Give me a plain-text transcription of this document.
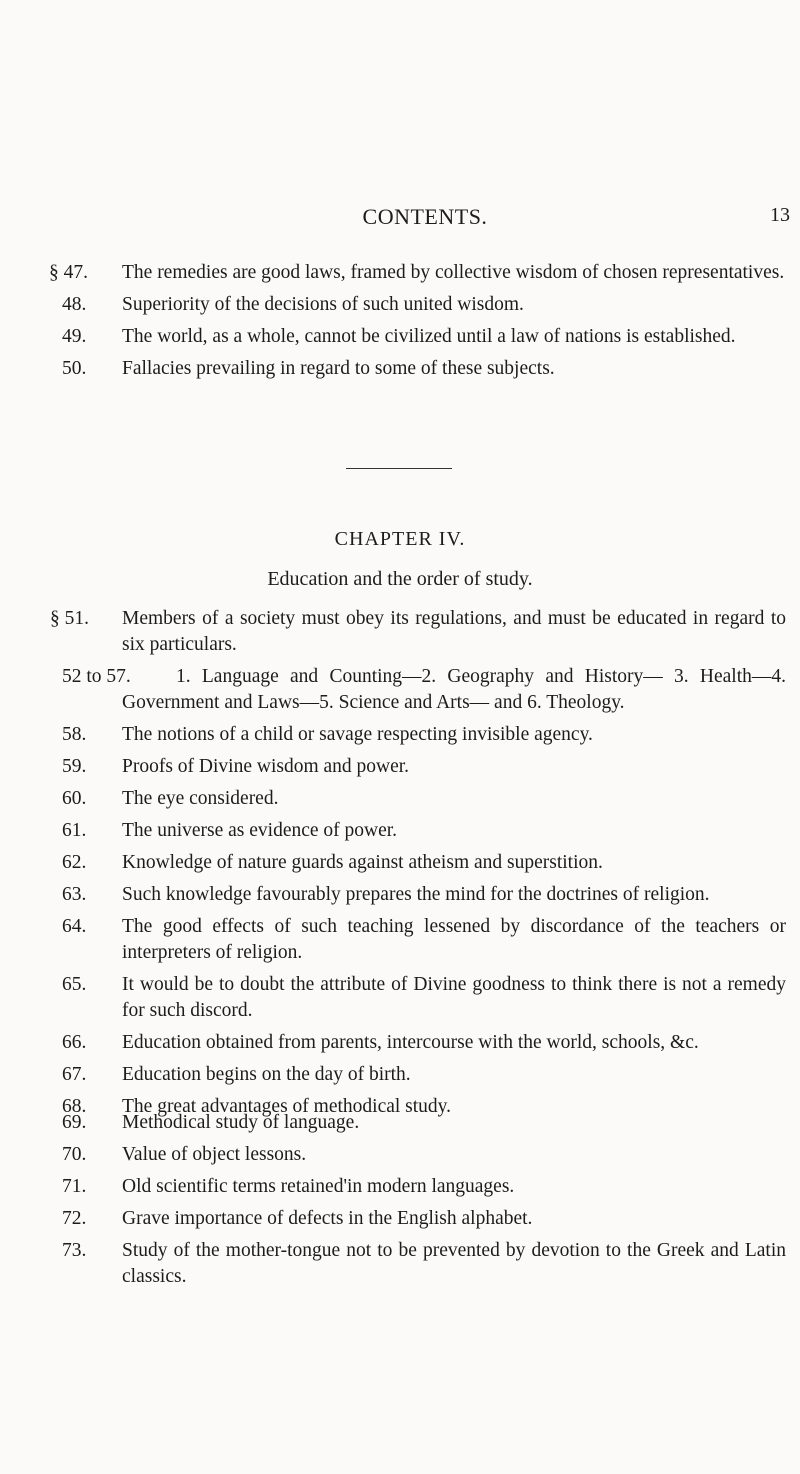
CONTENTS.	13
§ 47. The remedies are good laws, framed by collective wisdom of chosen representatives.
48. Superiority of the decisions of such united wisdom.
49. The world, as a whole, cannot be civilized until a law of nations is established.
50. Fallacies prevailing in regard to some of these subjects.
CHAPTER IV.
Education and the order of study.
§ 51. Members of a society must obey its regulations, and must be educated in regard to six particulars.
52 to 57. 1. Language and Counting—2. Geography and History— 3. Health—4. Government and Laws—5. Science and Arts— and 6. Theology.
58. The notions of a child or savage respecting invisible agency.
59. Proofs of Divine wisdom and power.
60. The eye considered.
61. The universe as evidence of power.
62. Knowledge of nature guards against atheism and superstition.
63. Such knowledge favourably prepares the mind for the doctrines of religion.
64. The good effects of such teaching lessened by discordance of the teachers or interpreters of religion.
65. It would be to doubt the attribute of Divine goodness to think there is not a remedy for such discord.
66. Education obtained from parents, intercourse with the world, schools, &c.
67. Education begins on the day of birth.
68. The great advantages of methodical study.
69. Methodical study of language.
70. Value of object lessons.
71. Old scientific terms retained'in modern languages.
72. Grave importance of defects in the English alphabet.
73. Study of the mother-tongue not to be prevented by devotion to the Greek and Latin classics.
